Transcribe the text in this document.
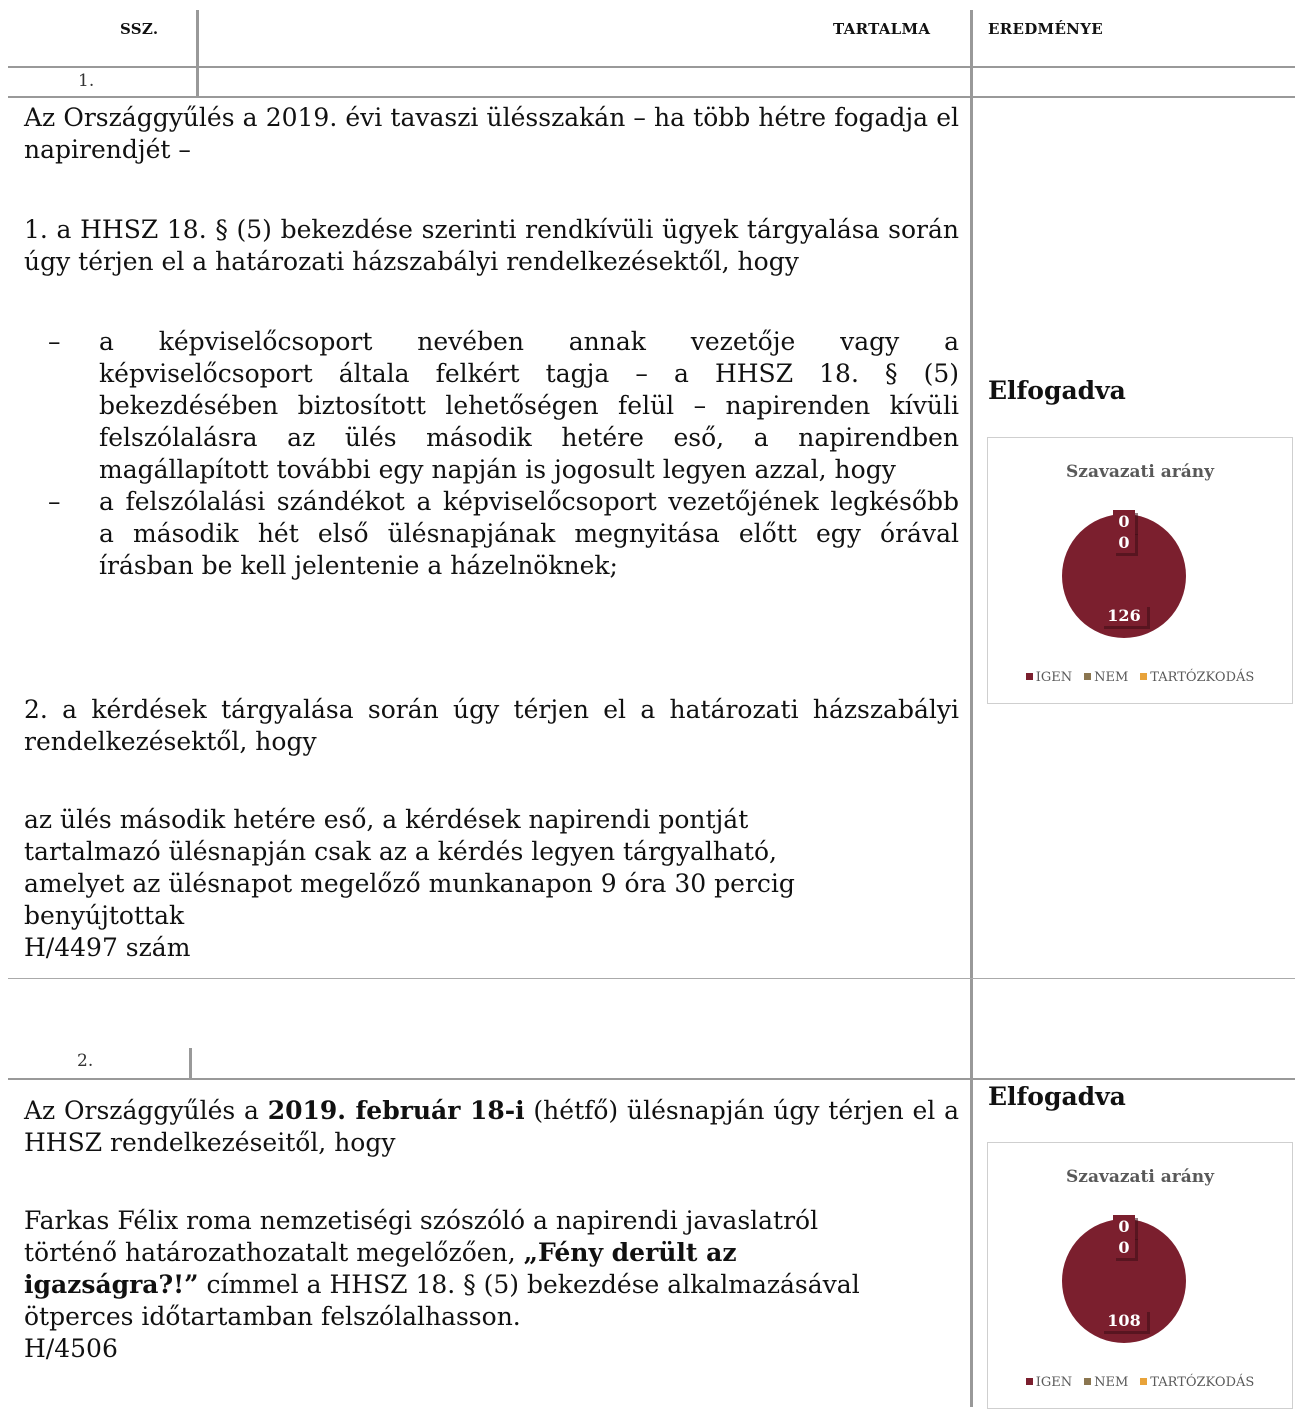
SSZ.	TARTALMA	EREDMÉNYE
1.
Az Országgyűlés a 2019. évi tavaszi ülésszakán – ha több hétre fogadja el napirendjét –
1. a HHSZ 18. § (5) bekezdése szerinti rendkívüli ügyek tárgyalása során úgy térjen el a határozati házszabályi rendelkezésektől, hogy
– a képviselőcsoport nevében annak vezetője vagy a képviselőcsoport általa felkért tagja – a HHSZ 18. § (5) bekezdésében biztosított lehetőségen felül – napirenden kívüli felszólalásra az ülés második hetére eső, a napirendben magállapított további egy napján is jogosult legyen azzal, hogy
– a felszólalási szándékot a képviselőcsoport vezetőjének legkésőbb a második hét első ülésnapjának megnyitása előtt egy órával írásban be kell jelentenie a házelnöknek;
2. a kérdések tárgyalása során úgy térjen el a határozati házszabályi rendelkezésektől, hogy
az ülés második hetére eső, a kérdések napirendi pontját
tartalmazó ülésnapján csak az a kérdés legyen tárgyalható,
amelyet az ülésnapot megelőző munkanapon 9 óra 30 percig
benyújtottak
H/4497 szám
Elfogadva
Szavazati arány
0
0
126
IGEN NEM TARTÓZKODÁS
2.
Az Országgyűlés a 2019. február 18-i (hétfő) ülésnapján úgy térjen el a HHSZ rendelkezéseitől, hogy
Farkas Félix roma nemzetiségi szószóló a napirendi javaslatról
történő határozathozatalt megelőzően, „Fény derült az
igazságra?!” címmel a HHSZ 18. § (5) bekezdése alkalmazásával
ötperces időtartamban felszólalhasson.
H/4506
Elfogadva
Szavazati arány
0
0
108
IGEN NEM TARTÓZKODÁS
